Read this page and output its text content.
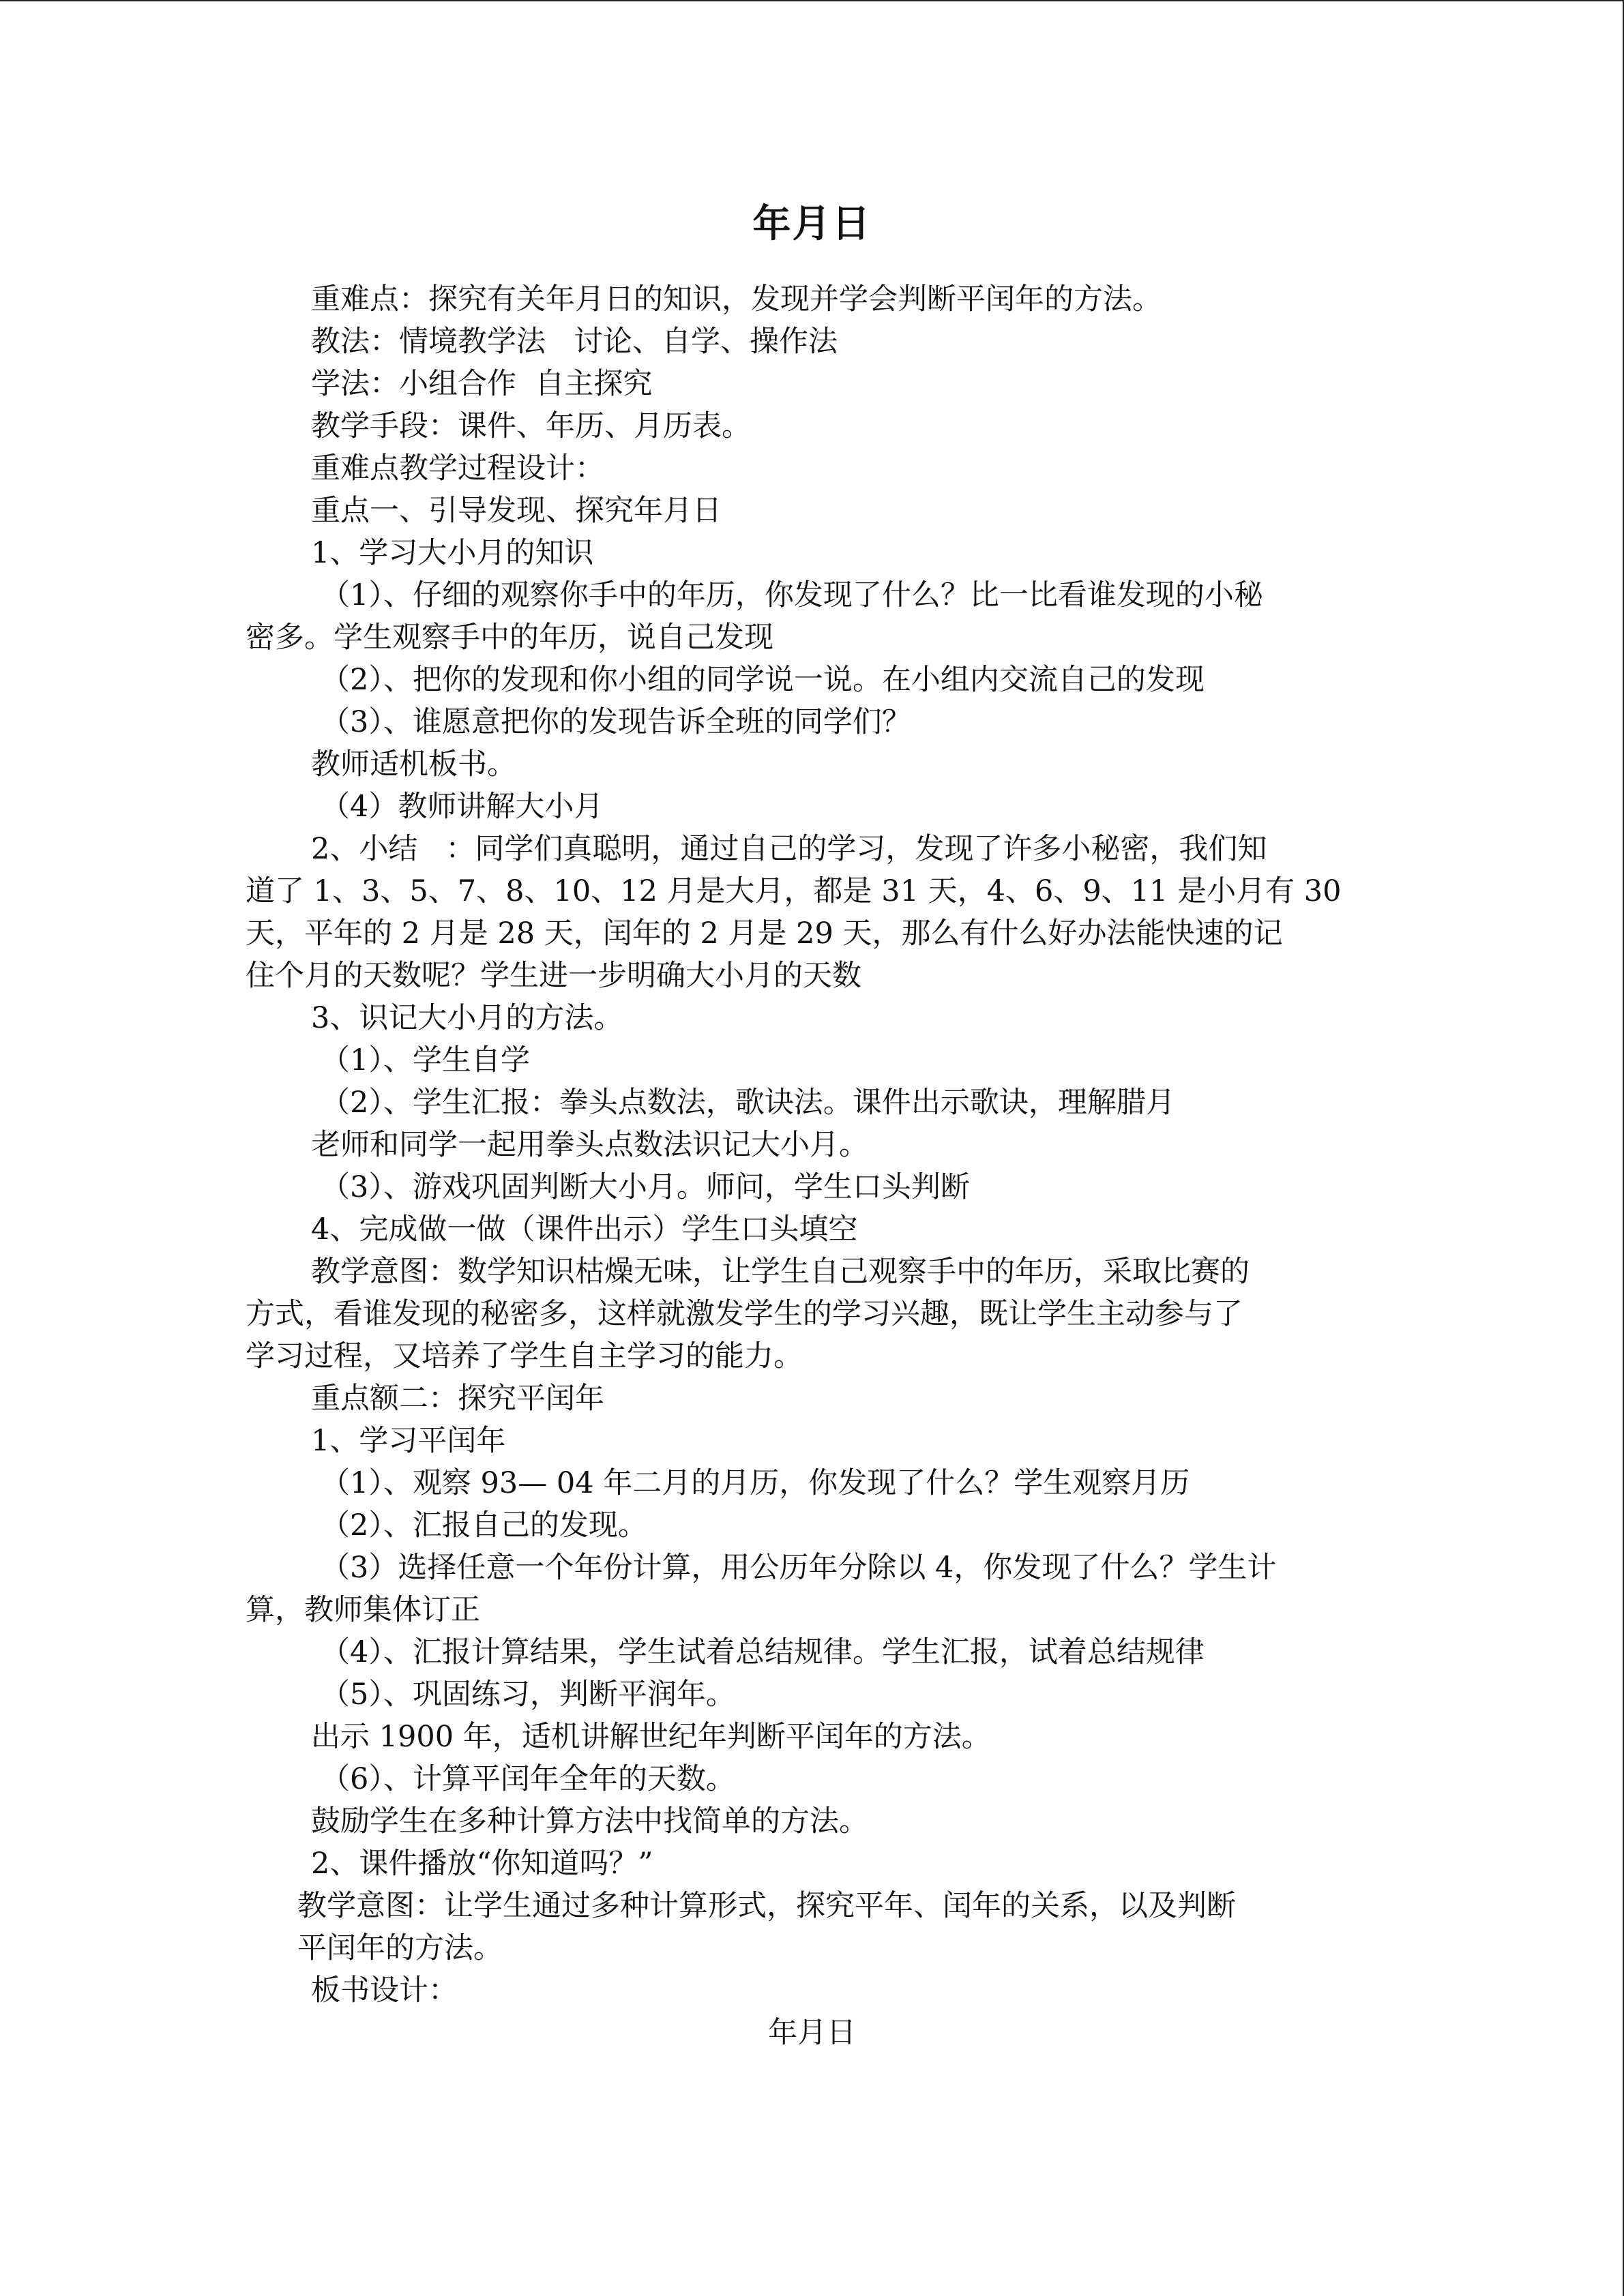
年月日
重难点：探究有关年月日的知识，发现并学会判断平闰年的方法。
教法：情境教学法   讨论、自学、操作法
学法：小组合作  自主探究
教学手段：课件、年历、月历表。
重难点教学过程设计：
重点一、引导发现、探究年月日
1、学习大小月的知识
（1）、仔细的观察你手中的年历，你发现了什么？比一比看谁发现的小秘
密多。学生观察手中的年历，说自己发现
（2）、把你的发现和你小组的同学说一说。在小组内交流自己的发现
（3）、谁愿意把你的发现告诉全班的同学们？
教师适机板书。
（4）教师讲解大小月
2、小结   ：同学们真聪明，通过自己的学习，发现了许多小秘密，我们知
道了 1、3、5、7、8、10、12 月是大月，都是 31 天，4、6、9、11 是小月有 30
天，平年的 2 月是 28 天，闰年的 2 月是 29 天，那么有什么好办法能快速的记
住个月的天数呢？学生进一步明确大小月的天数
3、识记大小月的方法。
（1）、学生自学
（2）、学生汇报：拳头点数法，歌诀法。课件出示歌诀，理解腊月
老师和同学一起用拳头点数法识记大小月。
（3）、游戏巩固判断大小月。师问，学生口头判断
4、完成做一做（课件出示）学生口头填空
教学意图：数学知识枯燥无味，让学生自己观察手中的年历，采取比赛的
方式，看谁发现的秘密多，这样就激发学生的学习兴趣，既让学生主动参与了
学习过程，又培养了学生自主学习的能力。
重点额二：探究平闰年
1、学习平闰年
（1）、观察 93— 04 年二月的月历，你发现了什么？学生观察月历
（2）、汇报自己的发现。
（3）选择任意一个年份计算，用公历年分除以 4，你发现了什么？学生计
算，教师集体订正
（4）、汇报计算结果，学生试着总结规律。学生汇报，试着总结规律
（5）、巩固练习，判断平润年。
出示 1900 年，适机讲解世纪年判断平闰年的方法。
（6）、计算平闰年全年的天数。
鼓励学生在多种计算方法中找简单的方法。
2、课件播放“你知道吗？”
教学意图：让学生通过多种计算形式，探究平年、闰年的关系，以及判断
平闰年的方法。
板书设计：
年月日
